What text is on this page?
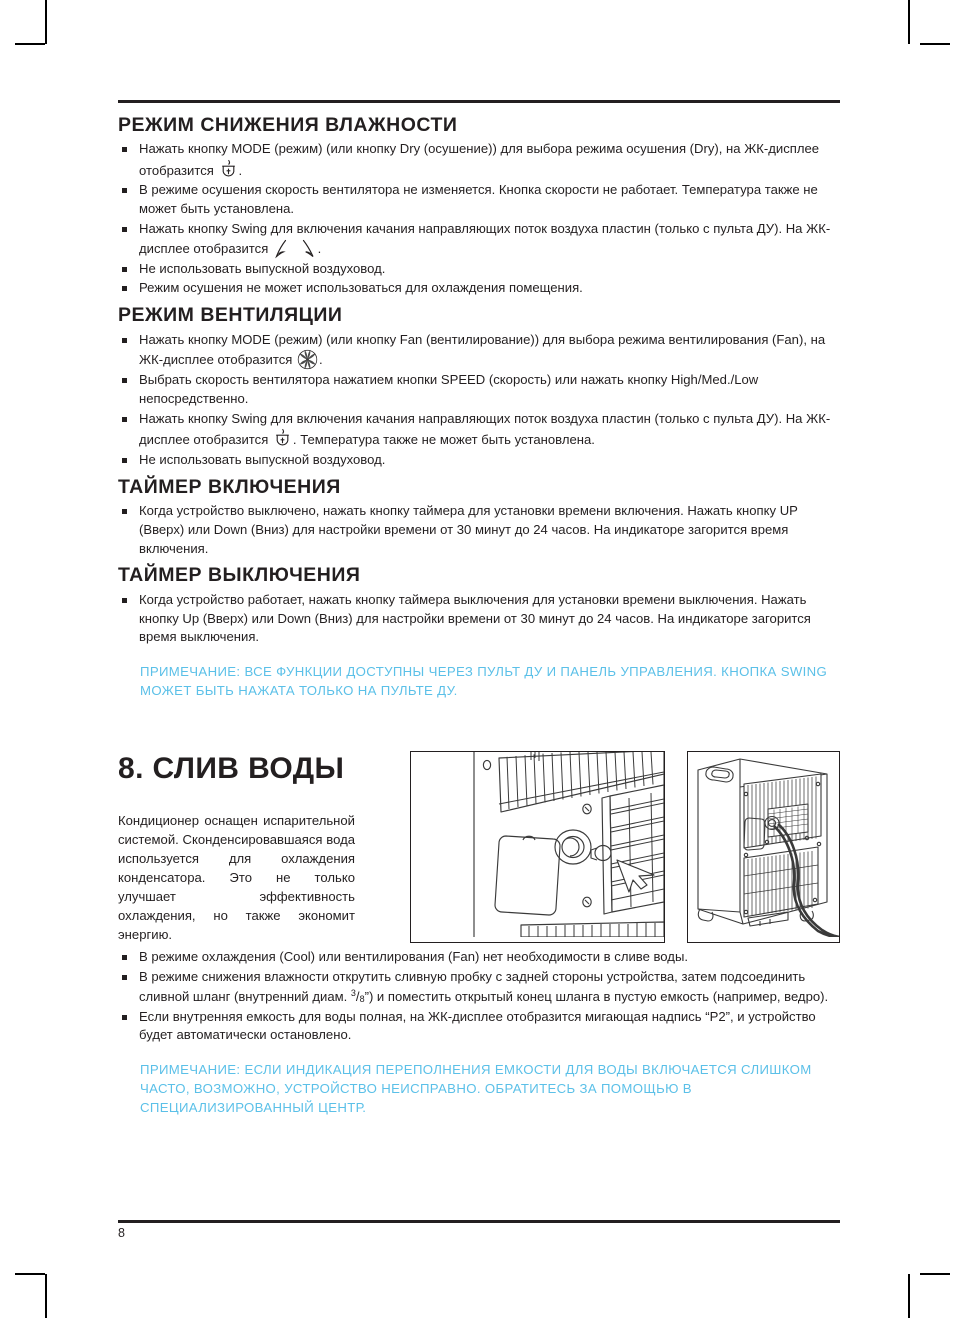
РЕЖИМ СНИЖЕНИЯ ВЛАЖНОСТИ
Нажать кнопку MODE (режим) (или кнопку Dry (осушение)) для выбора режима осушения (Dry), на ЖК-дисплее отобразится .
В режиме осушения скорость вентилятора не изменяется. Кнопка скорости не работает. Температура также не может быть установлена.
Нажать кнопку Swing для включения качания направляющих поток воздуха пластин (только с пульта ДУ). На ЖК-дисплее отобразится	.
Не использовать выпускной воздуховод.
Режим осушения не может использоваться для охлаждения помещения.
РЕЖИМ ВЕНТИЛЯЦИИ
Нажать кнопку MODE (режим) (или кнопку Fan (вентилирование)) для выбора режима вентилирования (Fan), на ЖК-дисплее отобразится .
Выбрать скорость вентилятора нажатием кнопки SPEED (скорость) или нажать кнопку High/Med./Low непосредственно.
Нажать кнопку Swing для включения качания направляющих поток воздуха пластин (только с пульта ДУ). На ЖК-дисплее отобразится . Температура также не может быть установлена.
Не использовать выпускной воздуховод.
ТАЙМЕР ВКЛЮЧЕНИЯ
Когда устройство выключено, нажать кнопку таймера для установки времени включения. Нажать кнопку UP (Вверх) или Down (Вниз) для настройки времени от 30 минут до 24 часов. На индикаторе загорится время включения.
ТАЙМЕР ВЫКЛЮЧЕНИЯ
Когда устройство работает, нажать кнопку таймера выключения для установки времени выключения. Нажать кнопку Up (Вверх) или Down (Вниз) для настройки времени от 30 минут до 24 часов. На индикаторе загорится время выключения.
ПРИМЕЧАНИЕ: ВСЕ ФУНКЦИИ ДОСТУПНЫ ЧЕРЕЗ ПУЛЬТ ДУ И ПАНЕЛЬ УПРАВЛЕНИЯ. КНОПКА SWING МОЖЕТ БЫТЬ НАЖАТА ТОЛЬКО НА ПУЛЬТЕ ДУ.
8. СЛИВ ВОДЫ

Кондиционер оснащен испарительной системой. Сконденсировавшаяся вода используется для охлаждения конденсатора. Это не только улучшает эффективность охлаждения, но также экономит энергию.

В режиме охлаждения (Cool) или вентилирования (Fan) нет необходимости в сливе воды.
В режиме снижения влажности открутить сливную пробку с задней стороны устройства, затем подсоединить сливной шланг (внутренний диам. $^3/_8$”) и поместить открытый конец шланга в пустую емкость (например, ведро).
Если внутренняя емкость для воды полная, на ЖК-дисплее отобразится мигающая надпись “P2”, и устройство будет автоматически остановлено.
ПРИМЕЧАНИЕ: ЕСЛИ ИНДИКАЦИЯ ПЕРЕПОЛНЕНИЯ ЕМКОСТИ ДЛЯ ВОДЫ ВКЛЮЧАЕТСЯ СЛИШКОМ ЧАСТО, ВОЗМОЖНО, УСТРОЙСТВО НЕИСПРАВНО. ОБРАТИТЕСЬ ЗА ПОМОЩЬЮ В СПЕЦИАЛИЗИРОВАННЫЙ ЦЕНТР.
8
